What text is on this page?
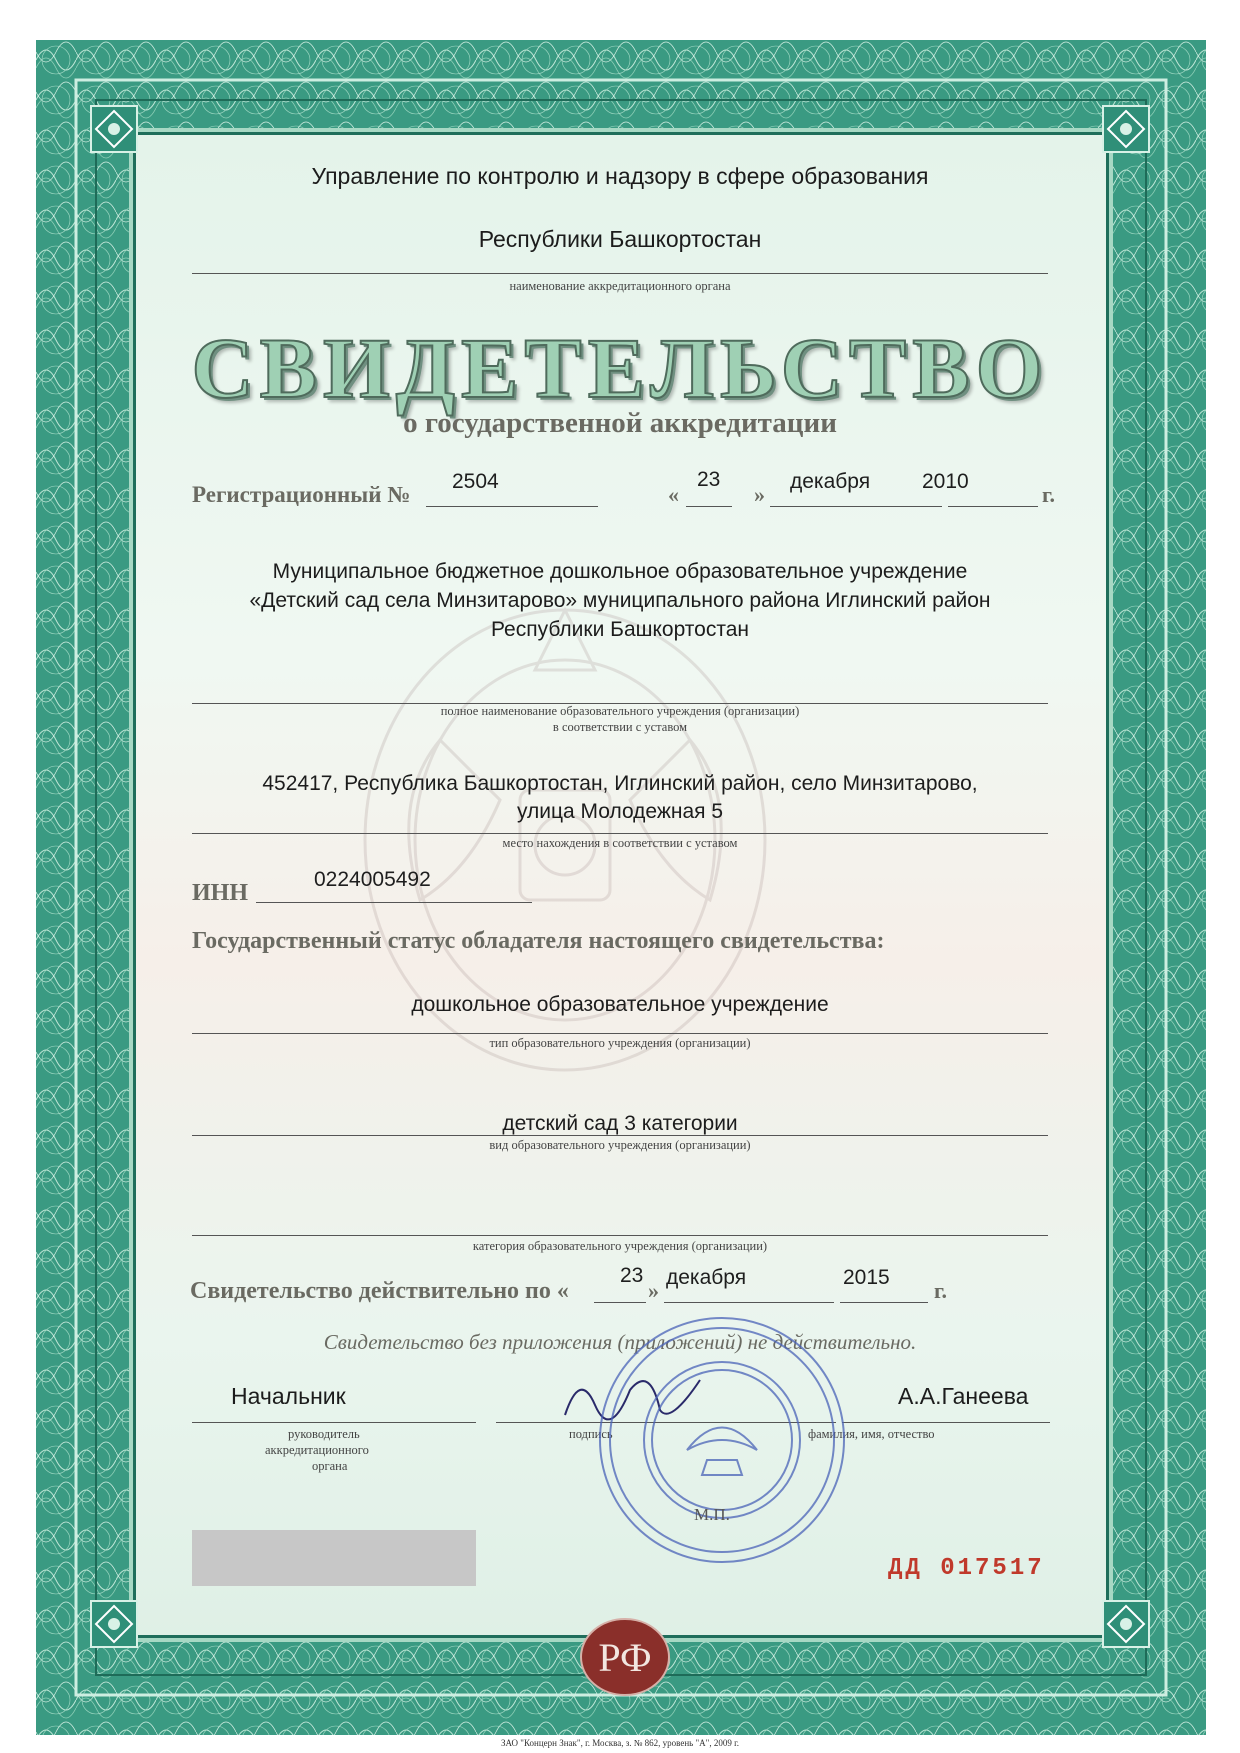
Управление по контролю и надзору в сфере образования
Республики Башкортостан
наименование аккредитационного органа
СВИДЕТЕЛЬСТВО
о государственной аккредитации
Регистрационный №
2504
«
23
»
декабря 2010
г.
Муниципальное бюджетное дошкольное образовательное учреждение
«Детский сад села Минзитарово» муниципального района Иглинский район
Республики Башкортостан
полное наименование образовательного учреждения (организации)
в соответствии с уставом
452417, Республика Башкортостан, Иглинский район, село Минзитарово,
улица Молодежная 5
место нахождения в соответствии с уставом
ИНН
0224005492
Государственный статус обладателя настоящего свидетельства:
дошкольное образовательное учреждение
тип образовательного учреждения (организации)
детский сад 3 категории
вид образовательного учреждения (организации)
категория образовательного учреждения (организации)
Свидетельство действительно по «
23
»
декабря	2015
г.
Свидетельство без приложения (приложений) не действительно.
Начальник	А.А.Ганеева
руководитель
аккредитационного
органа
подпись	фамилия, имя, отчество
М.П.
ДД 017517
РФ
ЗАО "Концерн Знак", г. Москва, з. № 862, уровень "А", 2009 г.
